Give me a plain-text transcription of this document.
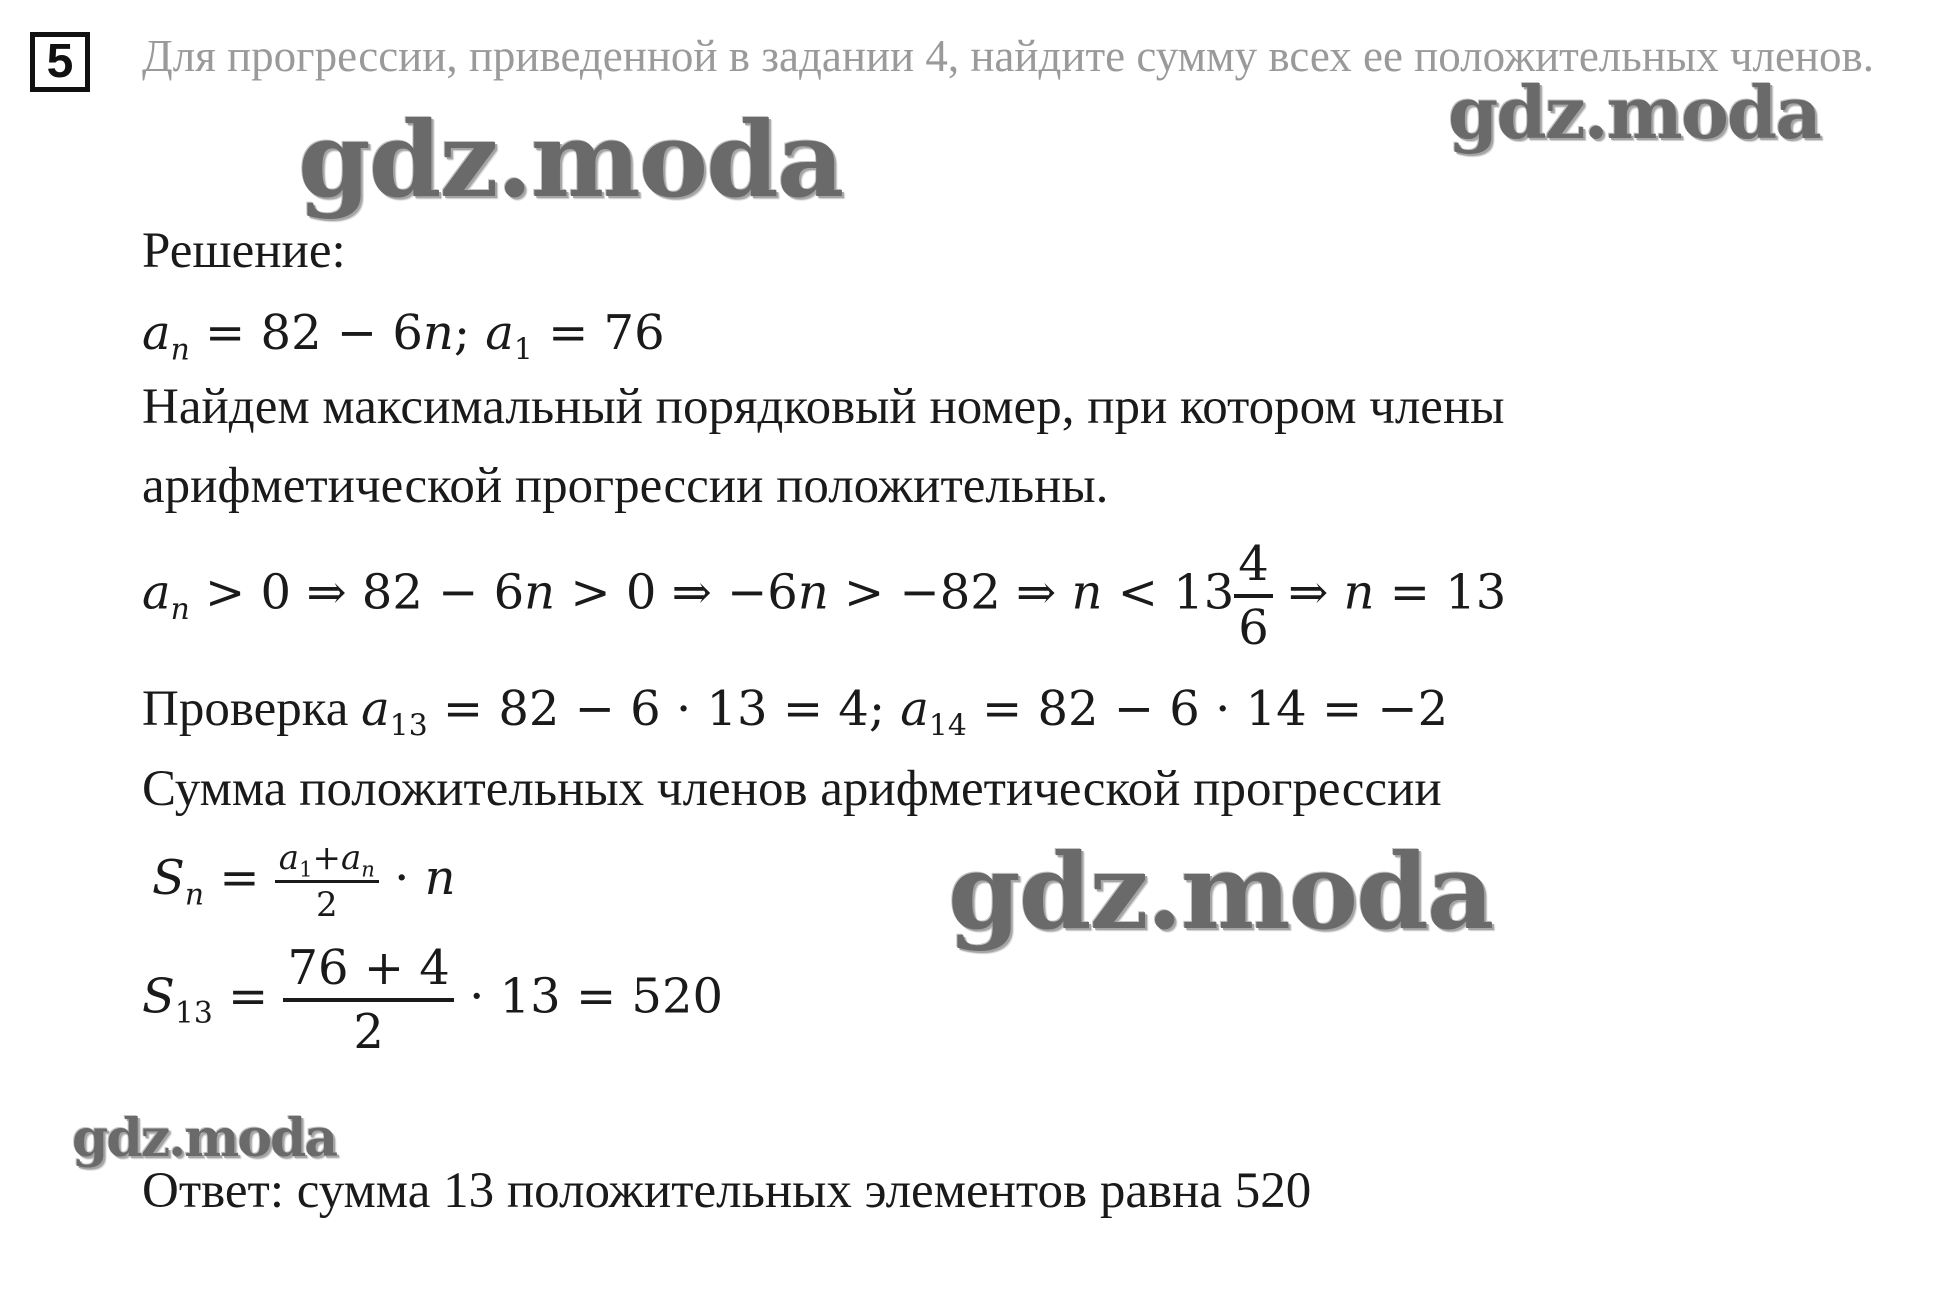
5	Для прогрессии, приведенной в задании 4, найдите сумму всех ее положительных членов.
gdz.moda	gdz.moda
gdz.moda
gdz.moda
Решение:
$a_n = 82 - 6n$; $a_1 = 76$
Найдем максимальный порядковый номер, при котором члены
арифметической прогрессии положительны.
$a_n > 0$ ⇒ 82 − 6n > 0 ⇒ −6n > −82 ⇒ $n < 13 \frac{4}{6}$ ⇒ n = 13
Проверка $a_{13} = 82 - 6 \cdot 13 = 4$; $a_{14} = 82 - 6 \cdot 14 = -2$
Сумма положительных членов арифметической прогрессии
$S_n = \frac{a_1+a_n}{2} \cdot n$
$S_{13} = \frac{76 + 4}{2} \cdot 13 = 520$
Ответ: сумма 13 положительных элементов равна 520
